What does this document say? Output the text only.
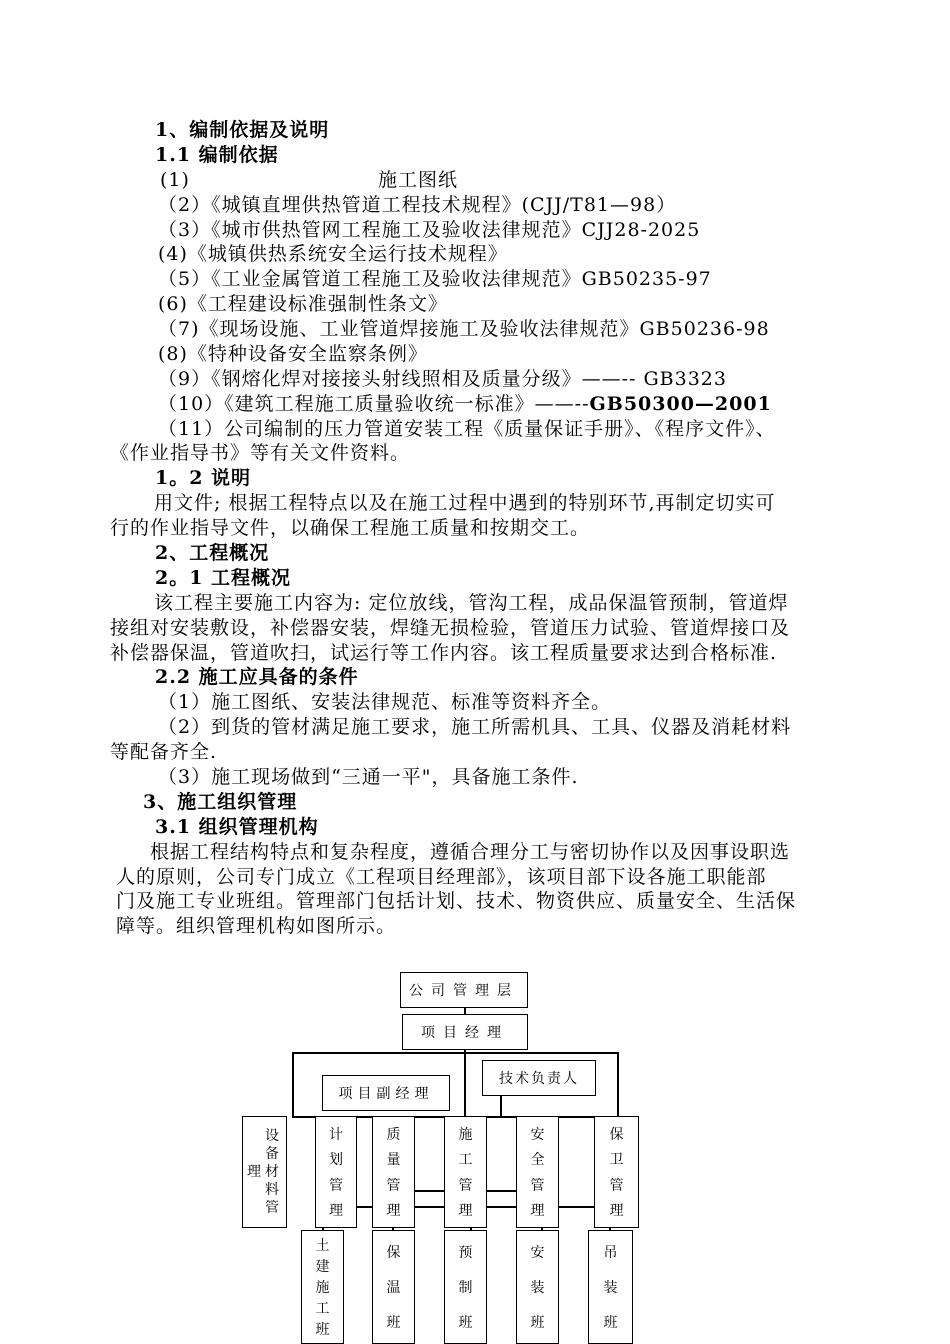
1、编制依据及说明
1.1 编制依据
(1)	施工图纸
（2）《城镇直埋供热管道工程技术规程》(CJJ/T81—98）
（3）《城市供热管网工程施工及验收法律规范》CJJ28-2025
(4)《城镇供热系统安全运行技术规程》
（5）《工业金属管道工程施工及验收法律规范》GB50235-97
(6)《工程建设标准强制性条文》
（7)《现场设施、工业管道焊接施工及验收法律规范》GB50236-98
(8)《特种设备安全监察条例》
（9）《钢熔化焊对接接头射线照相及质量分级》——-- GB3323
（10）《建筑工程施工质量验收统一标准》——--GB50300—2001
（11）公司编制的压力管道安装工程《质量保证手册》、《程序文件》、
《作业指导书》等有关文件资料。
1。2 说明
用文件; 根据工程特点以及在施工过程中遇到的特别环节,再制定切实可
行的作业指导文件，以确保工程施工质量和按期交工。
2、工程概况
2。1 工程概况
该工程主要施工内容为: 定位放线，管沟工程，成品保温管预制，管道焊
接组对安装敷设，补偿器安装，焊缝无损检验，管道压力试验、管道焊接口及
补偿器保温，管道吹扫，试运行等工作内容。该工程质量要求达到合格标准.
2.2 施工应具备的条件
（1）施工图纸、安装法律规范、标准等资料齐全。
（2）到货的管材满足施工要求，施工所需机具、工具、仪器及消耗材料
等配备齐全.
（3）施工现场做到“三通一平"，具备施工条件.
3、施工组织管理
3.1 组织管理机构
根据工程结构特点和复杂程度，遵循合理分工与密切协作以及因事设职选
人的原则，公司专门成立《工程项目经理部》，该项目部下设各施工职能部
门及施工专业班组。管理部门包括计划、技术、物资供应、质量安全、生活保
障等。组织管理机构如图所示。
公司管理层
项目经理
技术负责人
项目副经理
理
设
备
材
料
管
计
划
管
理
质
量
管
理
施
工
管
理
安
全
管
理
保
卫
管
理
土
建
施
工
班
保
温
班
预
制
班
安
装
班
吊
装
班
